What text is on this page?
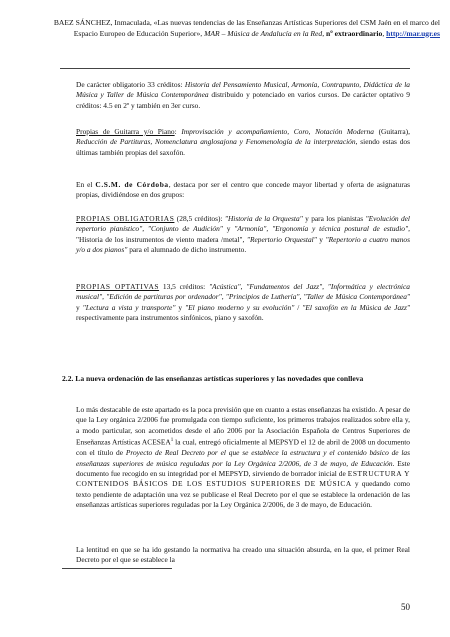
BAEZ SÁNCHEZ, Inmaculada, «Las nuevas tendencias de las Enseñanzas Artísticas Superiores del CSM Jaén en el marco del Espacio Europeo de Educación Superior», MAR – Música de Andalucía en la Red, nº extraordinario, http://mar.ugr.es
De carácter obligatorio 33 créditos: Historia del Pensamiento Musical, Armonía, Contrapunto, Didáctica de la Música y Taller de Música Contemporánea distribuido y potenciado en varios cursos. De carácter optativo 9 créditos: 4.5 en 2º y también en 3er curso.
Propias de Guitarra y/o Piano: Improvisación y acompañamiento, Coro, Notación Moderna (Guitarra), Reducción de Partituras, Nomenclatura anglosajona y Fenomenología de la interpretación, siendo estas dos últimas también propias del saxofón.
En el C.S.M. de Córdoba, destaca por ser el centro que concede mayor libertad y oferta de asignaturas propias, dividiéndose en dos grupos:
PROPIAS OBLIGATORIAS (28,5 créditos): "Historia de la Orquesta" y para los pianistas "Evolución del repertorio pianístico", "Conjunto de Audición" y "Armonía", "Ergonomía y técnica postural de estudio", "Historia de los instrumentos de viento madera /metal", "Repertorio Orquestal" y "Repertorio a cuatro manos y/o a dos pianos" para el alumnado de dicho instrumento.
PROPIAS OPTATIVAS 13,5 créditos: "Acústica", "Fundamentos del Jazz", "Informática y electrónica musical", "Edición de partituras por ordenador", "Principios de Luthería", "Taller de Música Contemporánea" y "Lectura a vista y transporte" y "El piano moderno y su evolución" / "El saxofón en la Música de Jazz" respectivamente para instrumentos sinfónicos, piano y saxofón.
2.2. La nueva ordenación de las enseñanzas artísticas superiores y las novedades que conlleva
Lo más destacable de este apartado es la poca previsión que en cuanto a estas enseñanzas ha existido. A pesar de que la Ley orgánica 2/2006 fue promulgada con tiempo suficiente, los primeros trabajos realizados sobre ella y, a modo particular, son acometidos desde el año 2006 por la Asociación Española de Centros Superiores de Enseñanzas Artísticas ACESEA$^1$ la cual, entregó oficialmente al MEPSYD el 12 de abril de 2008 un documento con el título de Proyecto de Real Decreto por el que se establece la estructura y el contenido básico de las enseñanzas superiores de música reguladas por la Ley Orgánica 2/2006, de 3 de mayo, de Educación. Este documento fue recogido en su integridad por el MEPSYD, sirviendo de borrador inicial de ESTRUCTURA Y CONTENIDOS BÁSICOS DE LOS ESTUDIOS SUPERIORES DE MÚSICA y quedando como texto pendiente de adaptación una vez se publicase el Real Decreto por el que se establece la ordenación de las enseñanzas artísticas superiores reguladas por la Ley Orgánica 2/2006, de 3 de mayo, de Educación.
La lentitud en que se ha ido gestando la normativa ha creado una situación absurda, en la que, el primer Real Decreto por el que se establece la
50
